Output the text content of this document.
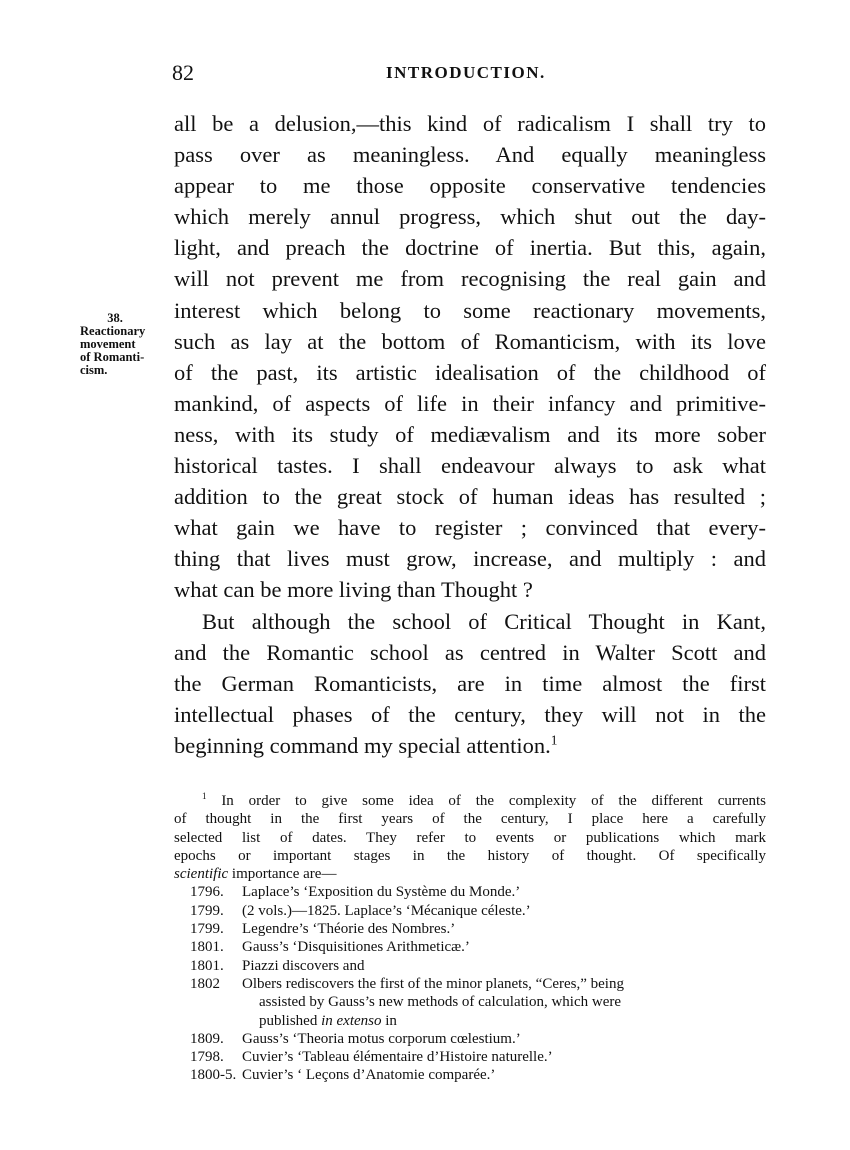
82	INTRODUCTION.
38.
Reactionary
movement
of Romanti-
cism.
all be a delusion,—this kind of radicalism I shall try to
pass over as meaningless. And equally meaningless
appear to me those opposite conservative tendencies
which merely annul progress, which shut out the day-
light, and preach the doctrine of inertia. But this, again,
will not prevent me from recognising the real gain and
interest which belong to some reactionary movements,
such as lay at the bottom of Romanticism, with its love
of the past, its artistic idealisation of the childhood of
mankind, of aspects of life in their infancy and primitive-
ness, with its study of mediævalism and its more sober
historical tastes. I shall endeavour always to ask what
addition to the great stock of human ideas has resulted ;
what gain we have to register ; convinced that every-
thing that lives must grow, increase, and multiply : and
what can be more living than Thought ?
But although the school of Critical Thought in Kant,
and the Romantic school as centred in Walter Scott and
the German Romanticists, are in time almost the first
intellectual phases of the century, they will not in the
beginning command my special attention.$^1$
$^1$ In order to give some idea of the complexity of the different currents
of thought in the first years of the century, I place here a carefully
selected list of dates. They refer to events or publications which mark
epochs or important stages in the history of thought. Of specifically
scientific importance are—
1796. Laplace’s ‘Exposition du Système du Monde.’
1799. (2 vols.)—1825. Laplace’s ‘Mécanique céleste.’
1799. Legendre’s ‘Théorie des Nombres.’
1801. Gauss’s ‘Disquisitiones Arithmeticæ.’
1801. Piazzi discovers and
1802 Olbers rediscovers the first of the minor planets, “Ceres,” being
assisted by Gauss’s new methods of calculation, which were
published in extenso in
1809. Gauss’s ‘Theoria motus corporum cœlestium.’
1798. Cuvier’s ‘Tableau élémentaire d’Histoire naturelle.’
1800-5. Cuvier’s ‘ Leçons d’Anatomie comparée.’
